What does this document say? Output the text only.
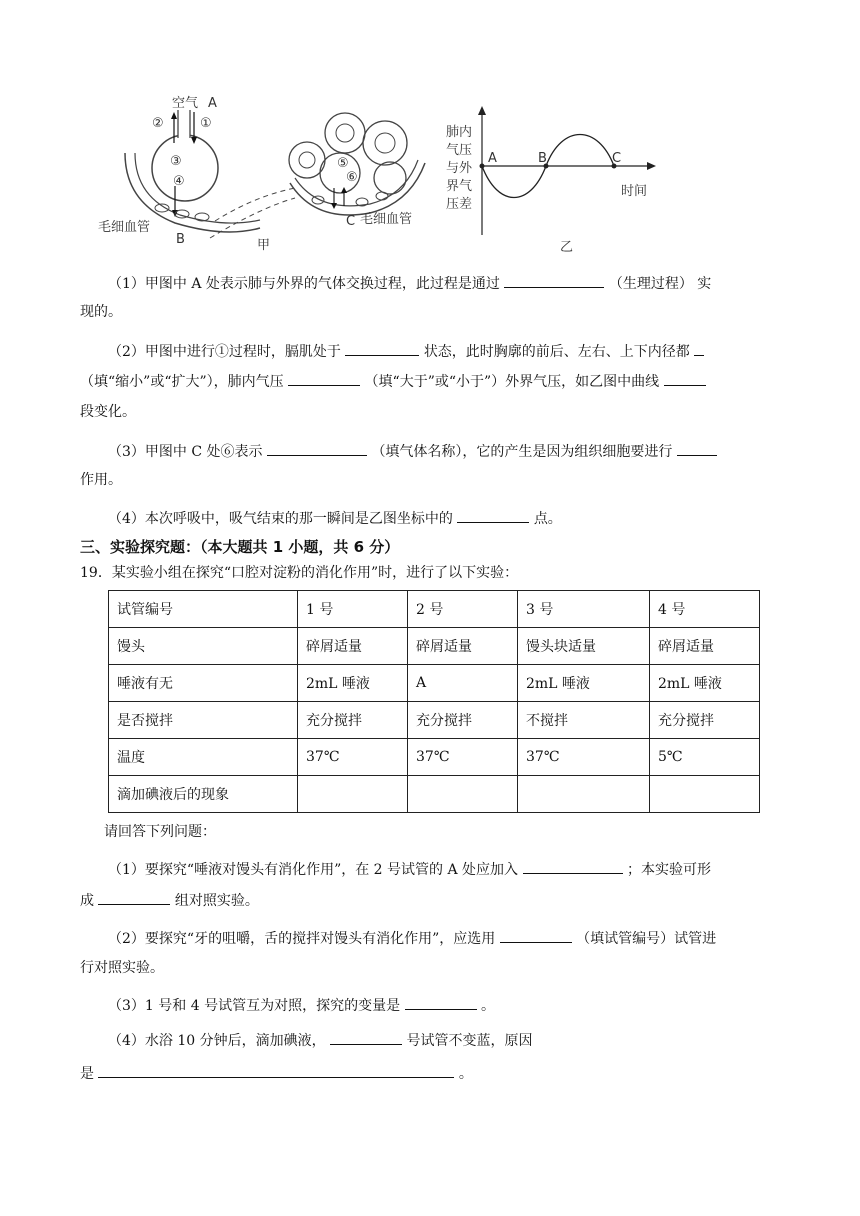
空气 A
②	①
③
④
⑤
⑥
毛细血管
B
C 毛细血管
甲
肺内
气压
与外
界气
压差
A	B	C
时间
乙
（1）甲图中 A 处表示肺与外界的气体交换过程，此过程是通过	（生理过程） 实
现的。
（2）甲图中进行①过程时，膈肌处于	状态，此时胸廓的前后、左右、上下内径都
（填“缩小”或“扩大”），肺内气压	（填“大于”或“小于”）外界气压，如乙图中曲线
段变化。
（3）甲图中 C 处⑥表示	（填气体名称），它的产生是因为组织细胞要进行
作用。
（4）本次呼吸中，吸气结束的那一瞬间是乙图坐标中的	点。
三、实验探究题：（本大题共 1 小题，共 6 分）
19．某实验小组在探究“口腔对淀粉的消化作用”时，进行了以下实验：
试管编号	1 号	2 号	3 号	4 号
馒头	碎屑适量	碎屑适量	馒头块适量	碎屑适量
唾液有无	2mL 唾液	A	2mL 唾液	2mL 唾液
是否搅拌	充分搅拌	充分搅拌	不搅拌	充分搅拌
温度	37℃	37℃	37℃	5℃
滴加碘液后的现象				
请回答下列问题：
（1）要探究“唾液对馒头有消化作用”，在 2 号试管的 A 处应加入	；本实验可形
成	组对照实验。
（2）要探究“牙的咀嚼，舌的搅拌对馒头有消化作用”，应选用	（填试管编号）试管进
行对照实验。
（3）1 号和 4 号试管互为对照，探究的变量是	。
（4）水浴 10 分钟后，滴加碘液，	号试管不变蓝，原因
是	。
